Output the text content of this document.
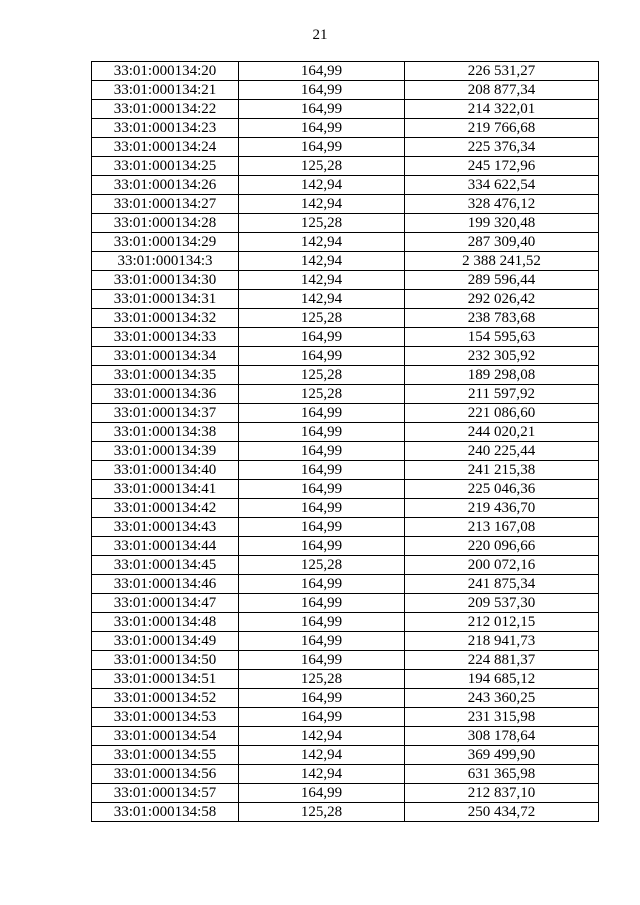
21
33:01:000134:20	164,99	226 531,27
33:01:000134:21	164,99	208 877,34
33:01:000134:22	164,99	214 322,01
33:01:000134:23	164,99	219 766,68
33:01:000134:24	164,99	225 376,34
33:01:000134:25	125,28	245 172,96
33:01:000134:26	142,94	334 622,54
33:01:000134:27	142,94	328 476,12
33:01:000134:28	125,28	199 320,48
33:01:000134:29	142,94	287 309,40
33:01:000134:3	142,94	2 388 241,52
33:01:000134:30	142,94	289 596,44
33:01:000134:31	142,94	292 026,42
33:01:000134:32	125,28	238 783,68
33:01:000134:33	164,99	154 595,63
33:01:000134:34	164,99	232 305,92
33:01:000134:35	125,28	189 298,08
33:01:000134:36	125,28	211 597,92
33:01:000134:37	164,99	221 086,60
33:01:000134:38	164,99	244 020,21
33:01:000134:39	164,99	240 225,44
33:01:000134:40	164,99	241 215,38
33:01:000134:41	164,99	225 046,36
33:01:000134:42	164,99	219 436,70
33:01:000134:43	164,99	213 167,08
33:01:000134:44	164,99	220 096,66
33:01:000134:45	125,28	200 072,16
33:01:000134:46	164,99	241 875,34
33:01:000134:47	164,99	209 537,30
33:01:000134:48	164,99	212 012,15
33:01:000134:49	164,99	218 941,73
33:01:000134:50	164,99	224 881,37
33:01:000134:51	125,28	194 685,12
33:01:000134:52	164,99	243 360,25
33:01:000134:53	164,99	231 315,98
33:01:000134:54	142,94	308 178,64
33:01:000134:55	142,94	369 499,90
33:01:000134:56	142,94	631 365,98
33:01:000134:57	164,99	212 837,10
33:01:000134:58	125,28	250 434,72
